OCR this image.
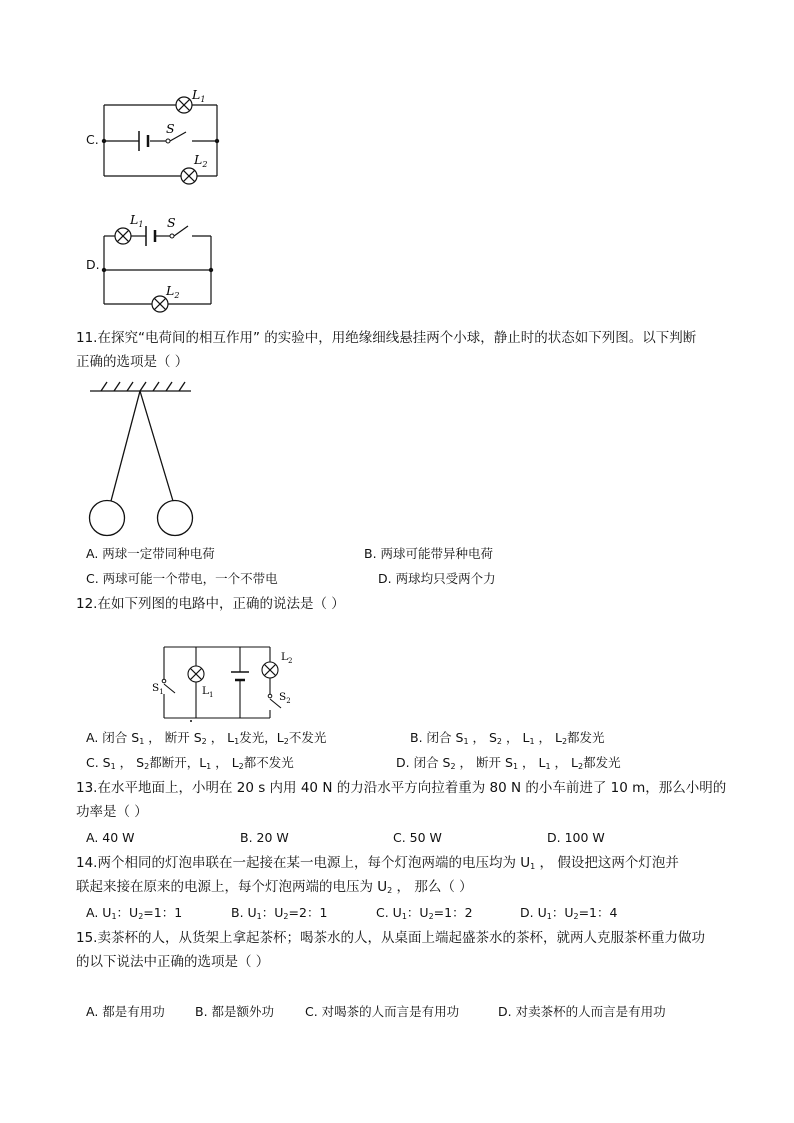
C.
$L_1$
S
$L_2$
D.
$L_1$ S
$L_2$
11.在探究“电荷间的相互作用” 的实验中，用绝缘细线悬挂两个小球，静止时的状态如下列图。以下判断
正确的选项是（ ）
A. 两球一定带同种电荷	B. 两球可能带异种电荷
C. 两球可能一个带电，一个不带电	D. 两球均只受两个力
12.在如下列图的电路中，正确的说法是（ ）
$S_1$	$L_1$
$L_2$
$S_2$
A. 闭合 $S_1$ ， 断开 $S_2$ ， $L_1$发光，$L_2$不发光	B. 闭合 $S_1$ ， $S_2$ ， $L_1$ ， $L_2$都发光
C. $S_1$ ， $S_2$都断开，$L_1$ ， $L_2$都不发光	D. 闭合 $S_2$ ， 断开 $S_1$ ， $L_1$ ， $L_2$都发光
13.在水平地面上，小明在 20 s 内用 40 N 的力沿水平方向拉着重为 80 N 的小车前进了 10 m，那么小明的
功率是（ ）
A. 40 W	B. 20 W	C. 50 W	D. 100 W
14.两个相同的灯泡串联在一起接在某一电源上，每个灯泡两端的电压均为 $U_1$ ， 假设把这两个灯泡并
联起来接在原来的电源上，每个灯泡两端的电压为 $U_2$ ， 那么（ ）
A. $U_1$：$U_2=1$：1	B. $U_1$：$U_2=2$：1	C. $U_1$：$U_2=1$：2	D. $U_1$：$U_2=1$：4
15.卖茶杯的人，从货架上拿起茶杯；喝茶水的人，从桌面上端起盛茶水的茶杯，就两人克服茶杯重力做功
的以下说法中正确的选项是（ ）
A. 都是有用功 B. 都是额外功 C. 对喝茶的人而言是有用功	D. 对卖茶杯的人而言是有用功
